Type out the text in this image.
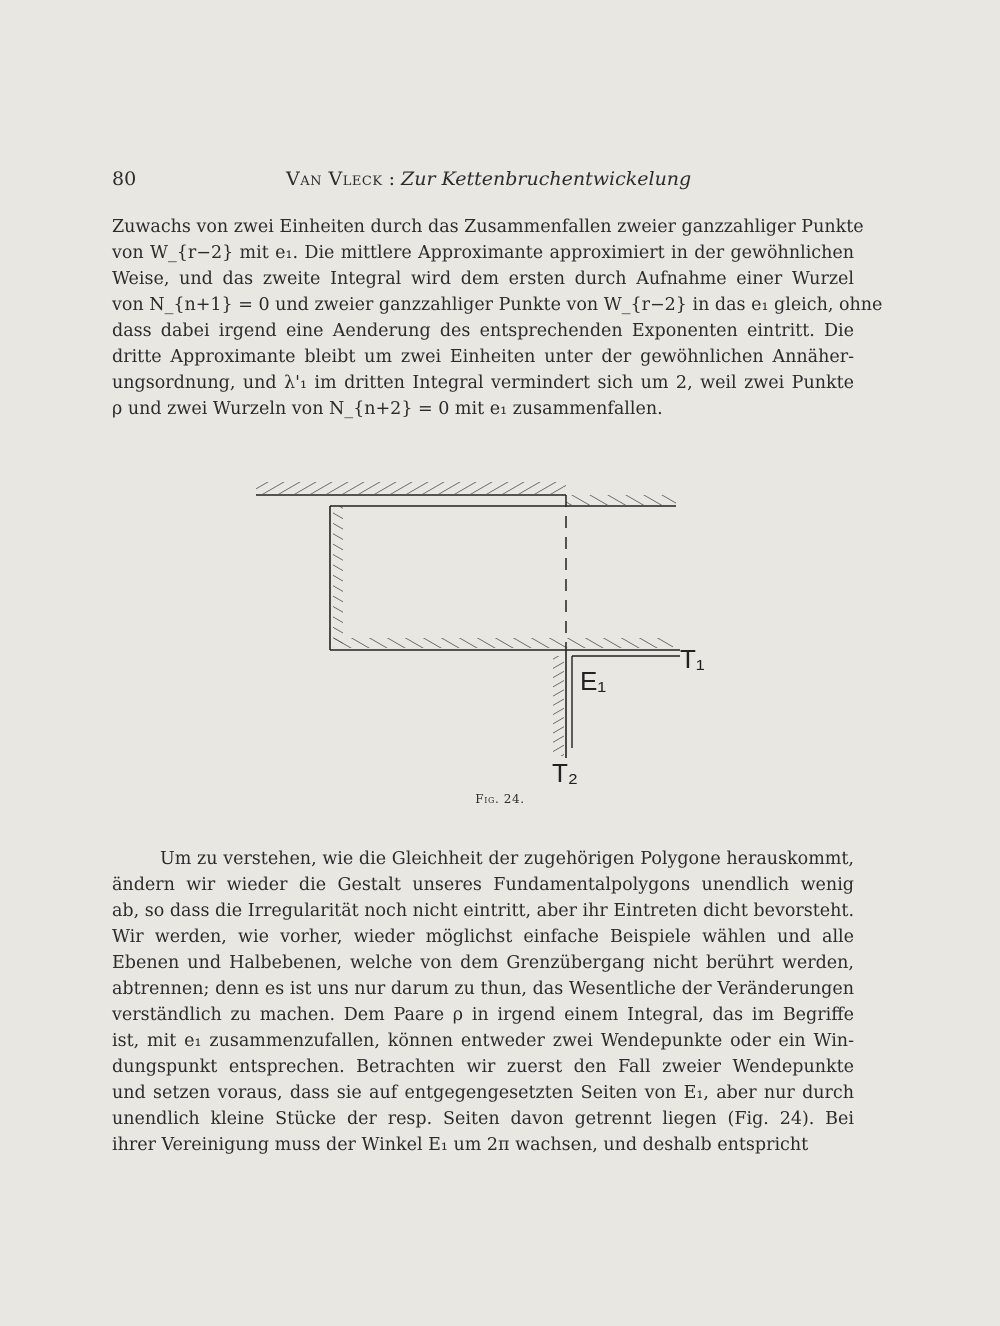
80	Van Vleck : Zur Kettenbruchentwickelung

Zuwachs von zwei Einheiten durch das Zusammenfallen zweier ganzzahliger Punkte
von W_{r−2} mit e₁. Die mittlere Approximante approximiert in der gewöhnlichen
Weise, und das zweite Integral wird dem ersten durch Aufnahme einer Wurzel
von N_{n+1} = 0 und zweier ganzzahliger Punkte von W_{r−2} in das e₁ gleich, ohne
dass dabei irgend eine Aenderung des entsprechenden Exponenten eintritt. Die
dritte Approximante bleibt um zwei Einheiten unter der gewöhnlichen Annäher-
ungsordnung, und λ'₁ im dritten Integral vermindert sich um 2, weil zwei Punkte
ρ und zwei Wurzeln von N_{n+2} = 0 mit e₁ zusammenfallen.

T₁
E₁
T₂
Fig. 24.

Um zu verstehen, wie die Gleichheit der zugehörigen Polygone herauskommt,
ändern wir wieder die Gestalt unseres Fundamentalpolygons unendlich wenig
ab, so dass die Irregularität noch nicht eintritt, aber ihr Eintreten dicht bevorsteht.
Wir werden, wie vorher, wieder möglichst einfache Beispiele wählen und alle
Ebenen und Halbebenen, welche von dem Grenzübergang nicht berührt werden,
abtrennen; denn es ist uns nur darum zu thun, das Wesentliche der Veränderungen
verständlich zu machen. Dem Paare ρ in irgend einem Integral, das im Begriffe
ist, mit e₁ zusammenzufallen, können entweder zwei Wendepunkte oder ein Win-
dungspunkt entsprechen. Betrachten wir zuerst den Fall zweier Wendepunkte
und setzen voraus, dass sie auf entgegengesetzten Seiten von E₁, aber nur durch
unendlich kleine Stücke der resp. Seiten davon getrennt liegen (Fig. 24). Bei
ihrer Vereinigung muss der Winkel E₁ um 2π wachsen, und deshalb entspricht
